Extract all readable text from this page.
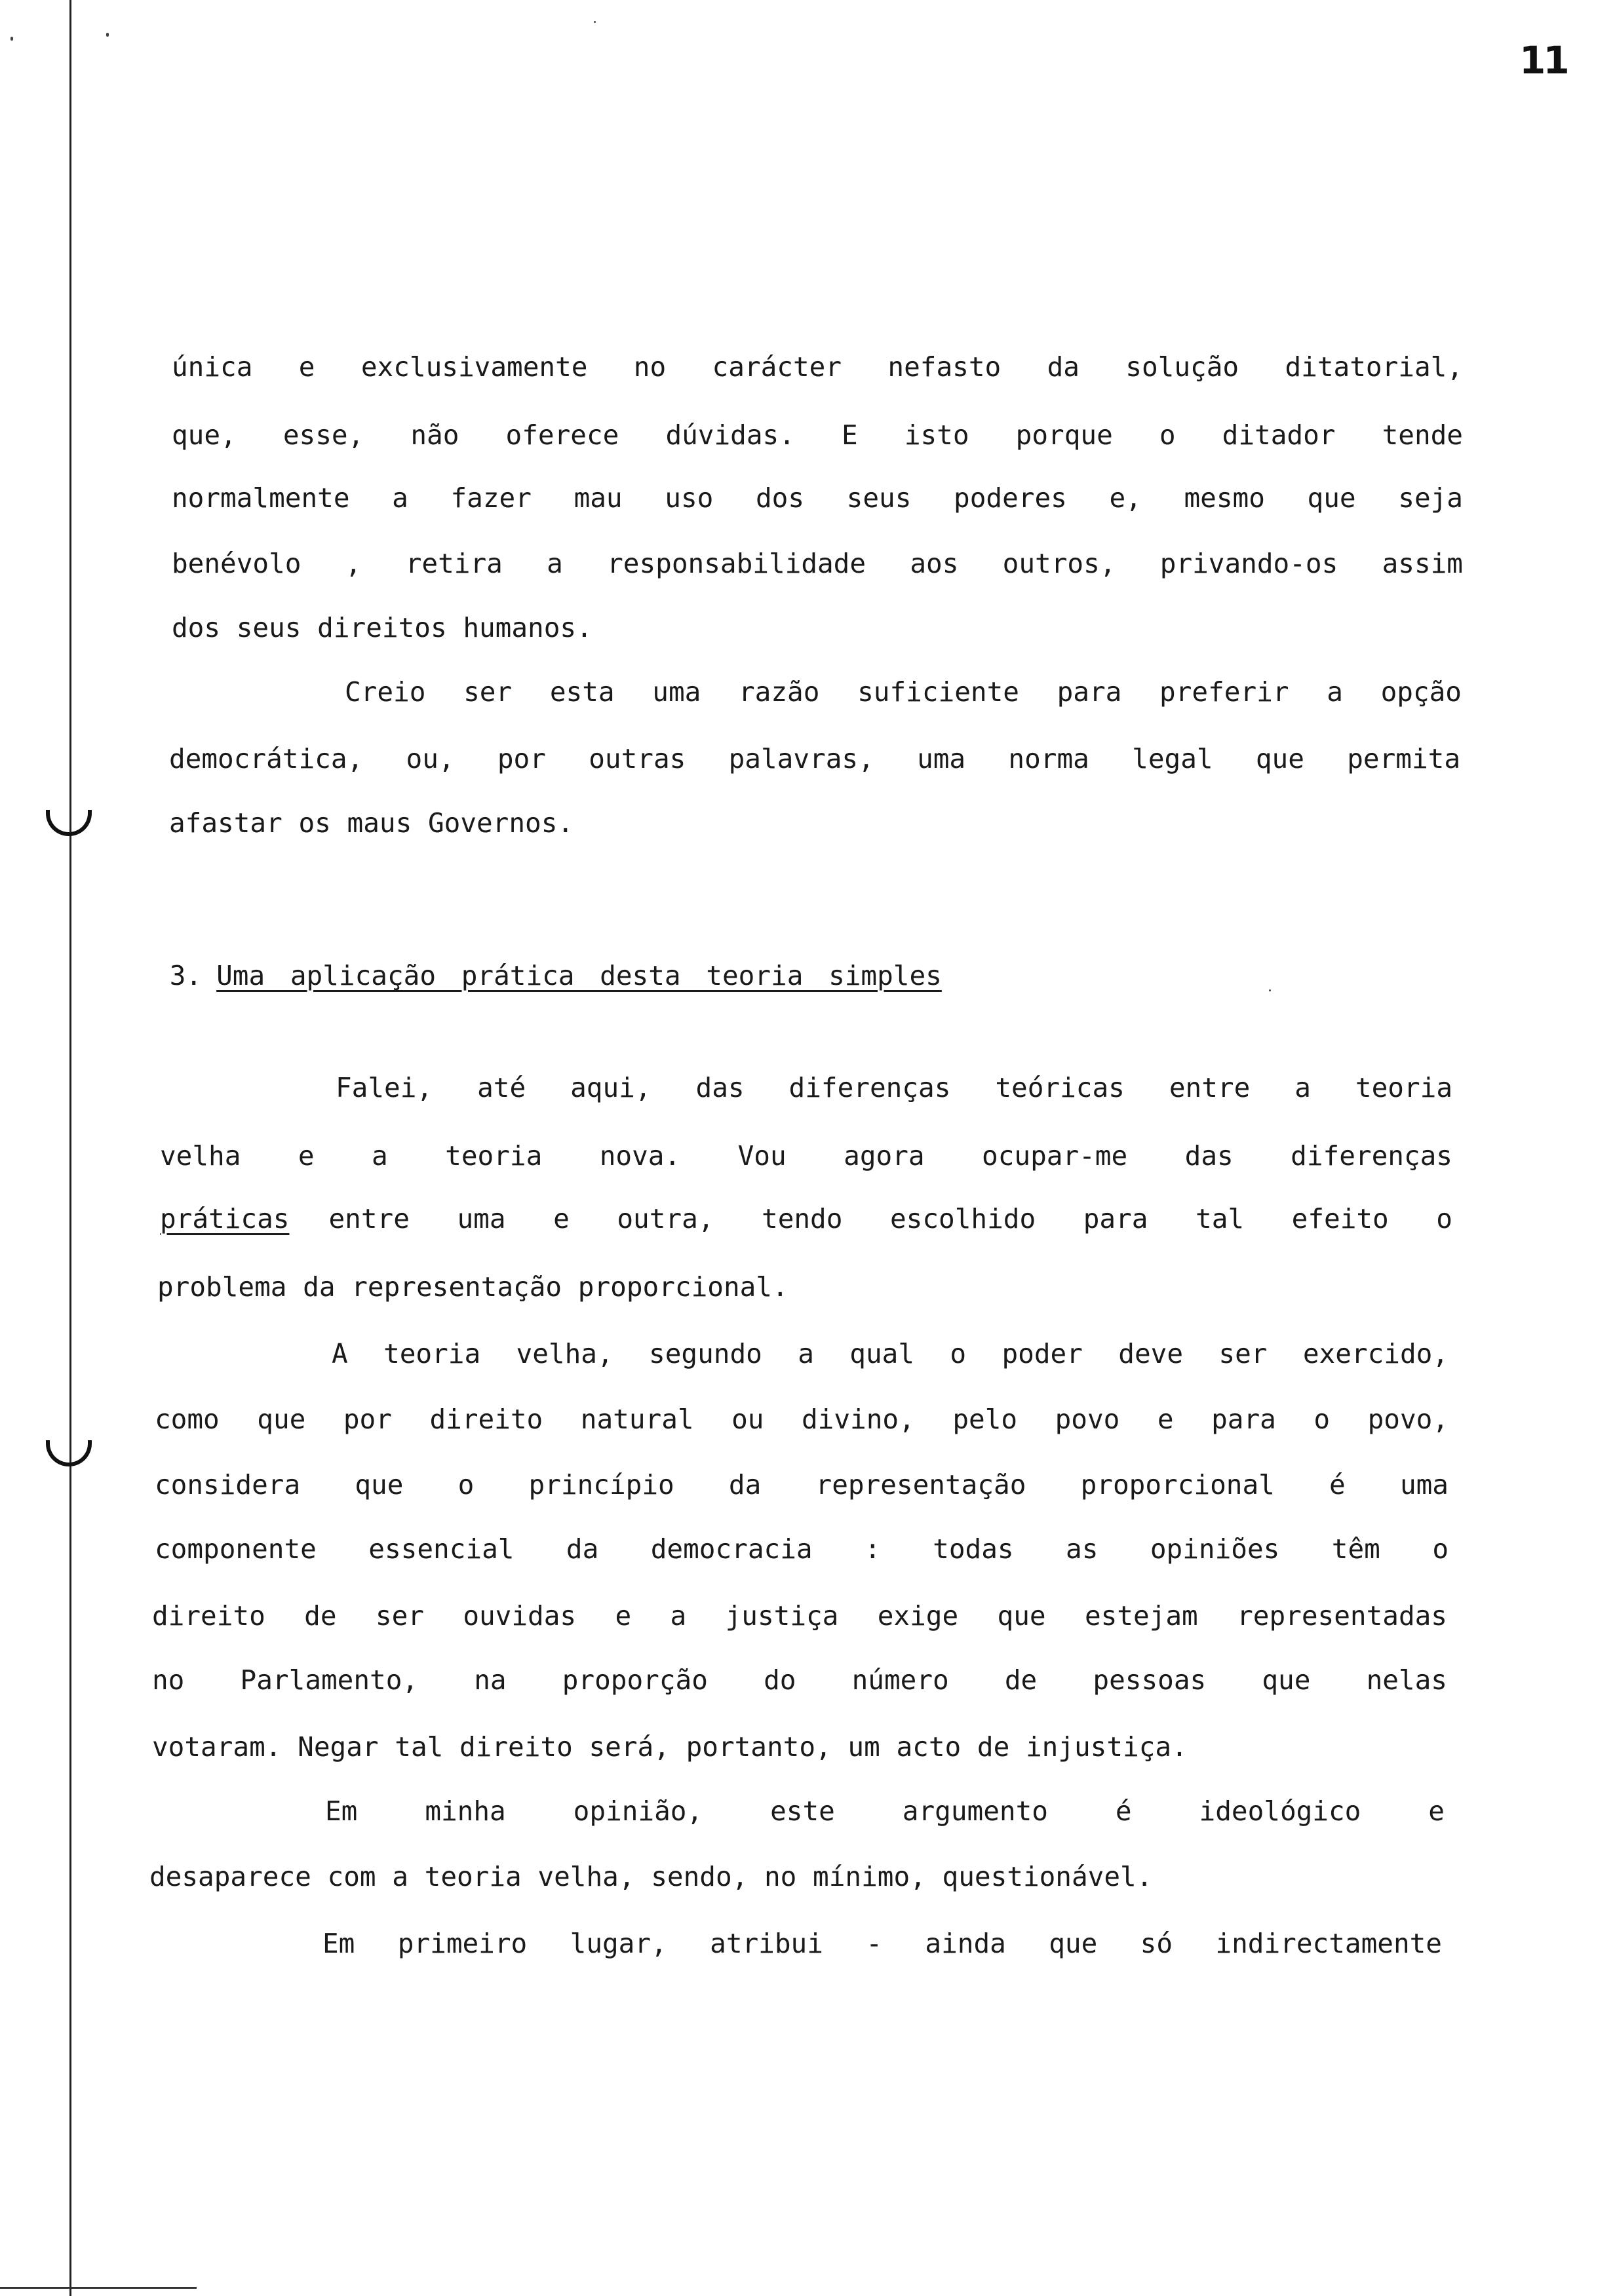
11
única e exclusivamente no carácter nefasto da solução ditatorial,
que, esse, não oferece dúvidas. E isto porque o ditador tende
normalmente a fazer mau uso dos seus poderes e, mesmo que seja
benévolo , retira a responsabilidade aos outros, privando-os assim
dos seus direitos humanos.
Creio ser esta uma razão suficiente para preferir a opção
democrática, ou, por outras palavras, uma norma legal que permita
afastar os maus Governos.

3. Uma aplicação prática desta teoria simples

Falei, até aqui, das diferenças teóricas entre a teoria
velha e a teoria nova. Vou agora ocupar-me das diferenças
práticas entre uma e outra, tendo escolhido para tal efeito o
problema da representação proporcional.
A teoria velha, segundo a qual o poder deve ser exercido,
como que por direito natural ou divino, pelo povo e para o povo,
considera que o princípio da representação proporcional é uma
componente essencial da democracia : todas as opiniões têm o
direito de ser ouvidas e a justiça exige que estejam representadas
no Parlamento, na proporção do número de pessoas que nelas
votaram. Negar tal direito será, portanto, um acto de injustiça.
Em minha opinião, este argumento é ideológico e
desaparece com a teoria velha, sendo, no mínimo, questionável.
Em primeiro lugar, atribui - ainda que só indirectamente
